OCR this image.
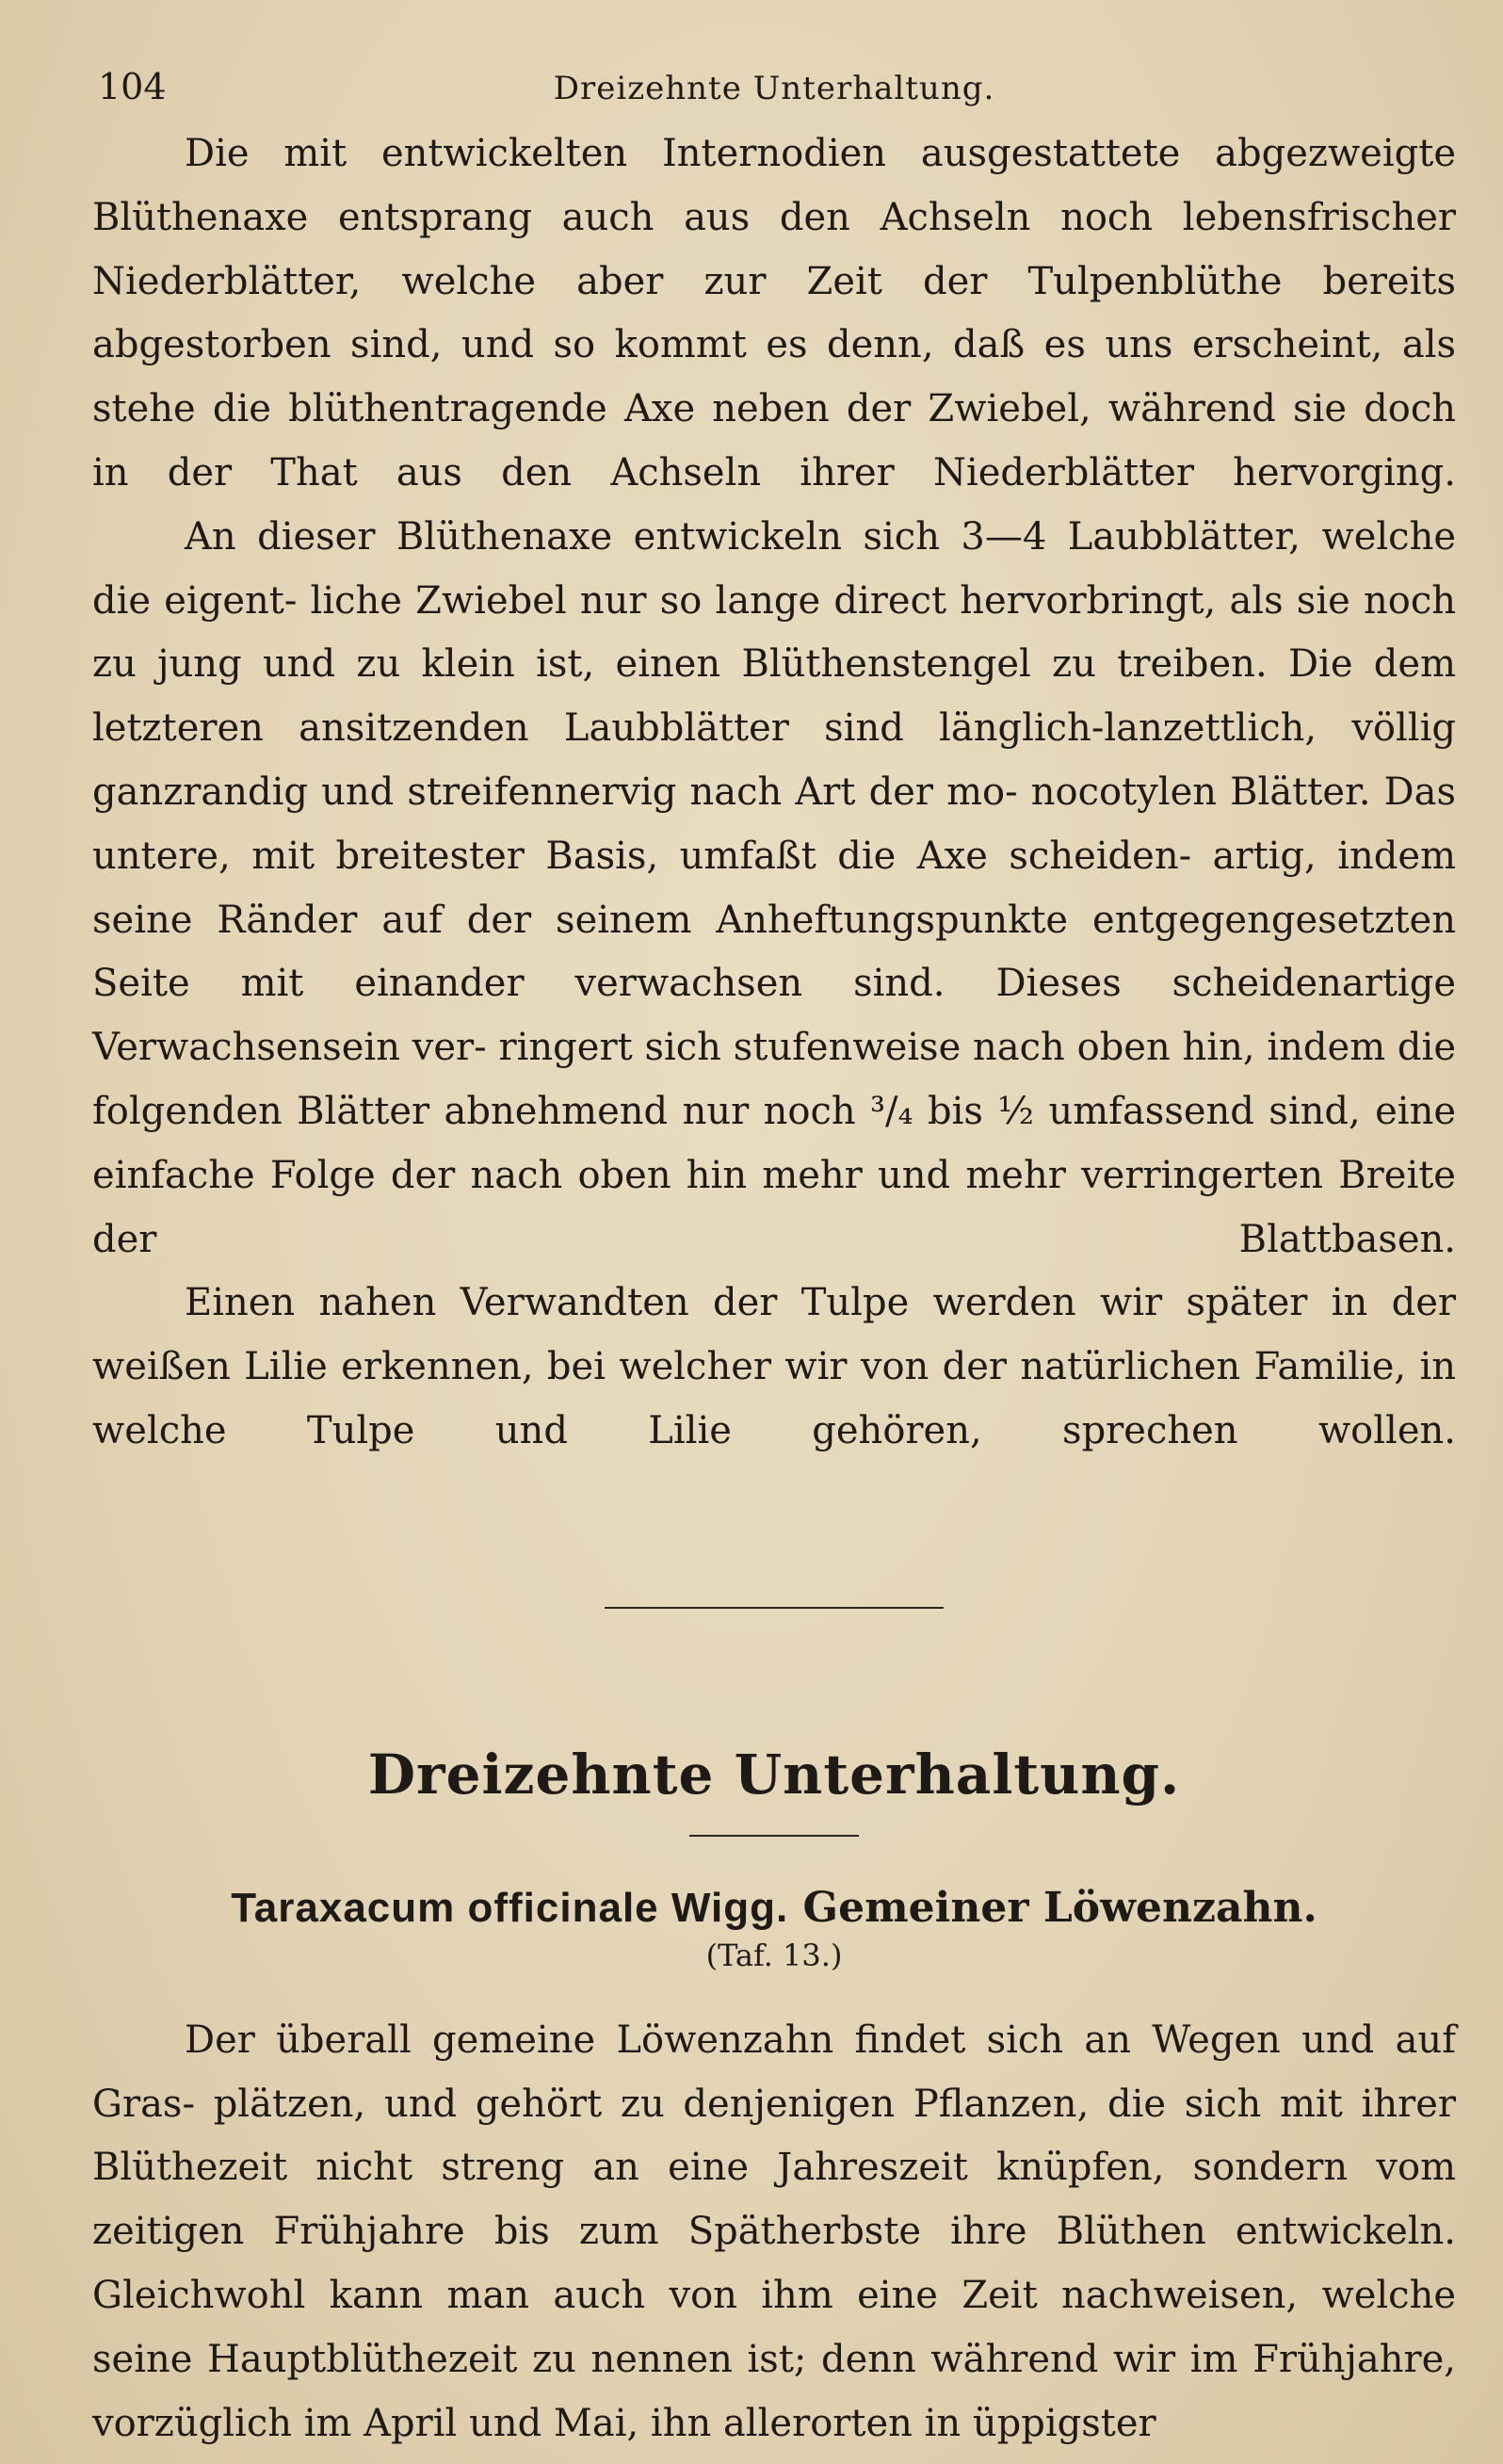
104	Dreizehnte Unterhaltung.

Die mit entwickelten Internodien ausgestattete abgezweigte Blüthenaxe entsprang auch aus den Achseln noch lebensfrischer Niederblätter, welche aber zur Zeit der Tulpenblüthe bereits abgestorben sind, und so kommt es denn, daß es uns erscheint, als stehe die blüthentragende Axe neben der Zwiebel, während sie doch in der That aus den Achseln ihrer Niederblätter hervorging.

An dieser Blüthenaxe entwickeln sich 3—4 Laubblätter, welche die eigent- liche Zwiebel nur so lange direct hervorbringt, als sie noch zu jung und zu klein ist, einen Blüthenstengel zu treiben. Die dem letzteren ansitzenden Laubblätter sind länglich-lanzettlich, völlig ganzrandig und streifennervig nach Art der mo- nocotylen Blätter. Das untere, mit breitester Basis, umfaßt die Axe scheiden- artig, indem seine Ränder auf der seinem Anheftungspunkte entgegengesetzten Seite mit einander verwachsen sind. Dieses scheidenartige Verwachsensein ver- ringert sich stufenweise nach oben hin, indem die folgenden Blätter abnehmend nur noch ³/₄ bis ½ umfassend sind, eine einfache Folge der nach oben hin mehr und mehr verringerten Breite der Blattbasen.

Einen nahen Verwandten der Tulpe werden wir später in der weißen Lilie erkennen, bei welcher wir von der natürlichen Familie, in welche Tulpe und Lilie gehören, sprechen wollen.

Dreizehnte Unterhaltung.
Taraxacum officinale Wigg. Gemeiner Löwenzahn.
(Taf. 13.)

Der überall gemeine Löwenzahn findet sich an Wegen und auf Gras- plätzen, und gehört zu denjenigen Pflanzen, die sich mit ihrer Blüthezeit nicht streng an eine Jahreszeit knüpfen, sondern vom zeitigen Frühjahre bis zum Spätherbste ihre Blüthen entwickeln. Gleichwohl kann man auch von ihm eine Zeit nachweisen, welche seine Hauptblüthezeit zu nennen ist; denn während wir im Frühjahre, vorzüglich im April und Mai, ihn allerorten in üppigster
